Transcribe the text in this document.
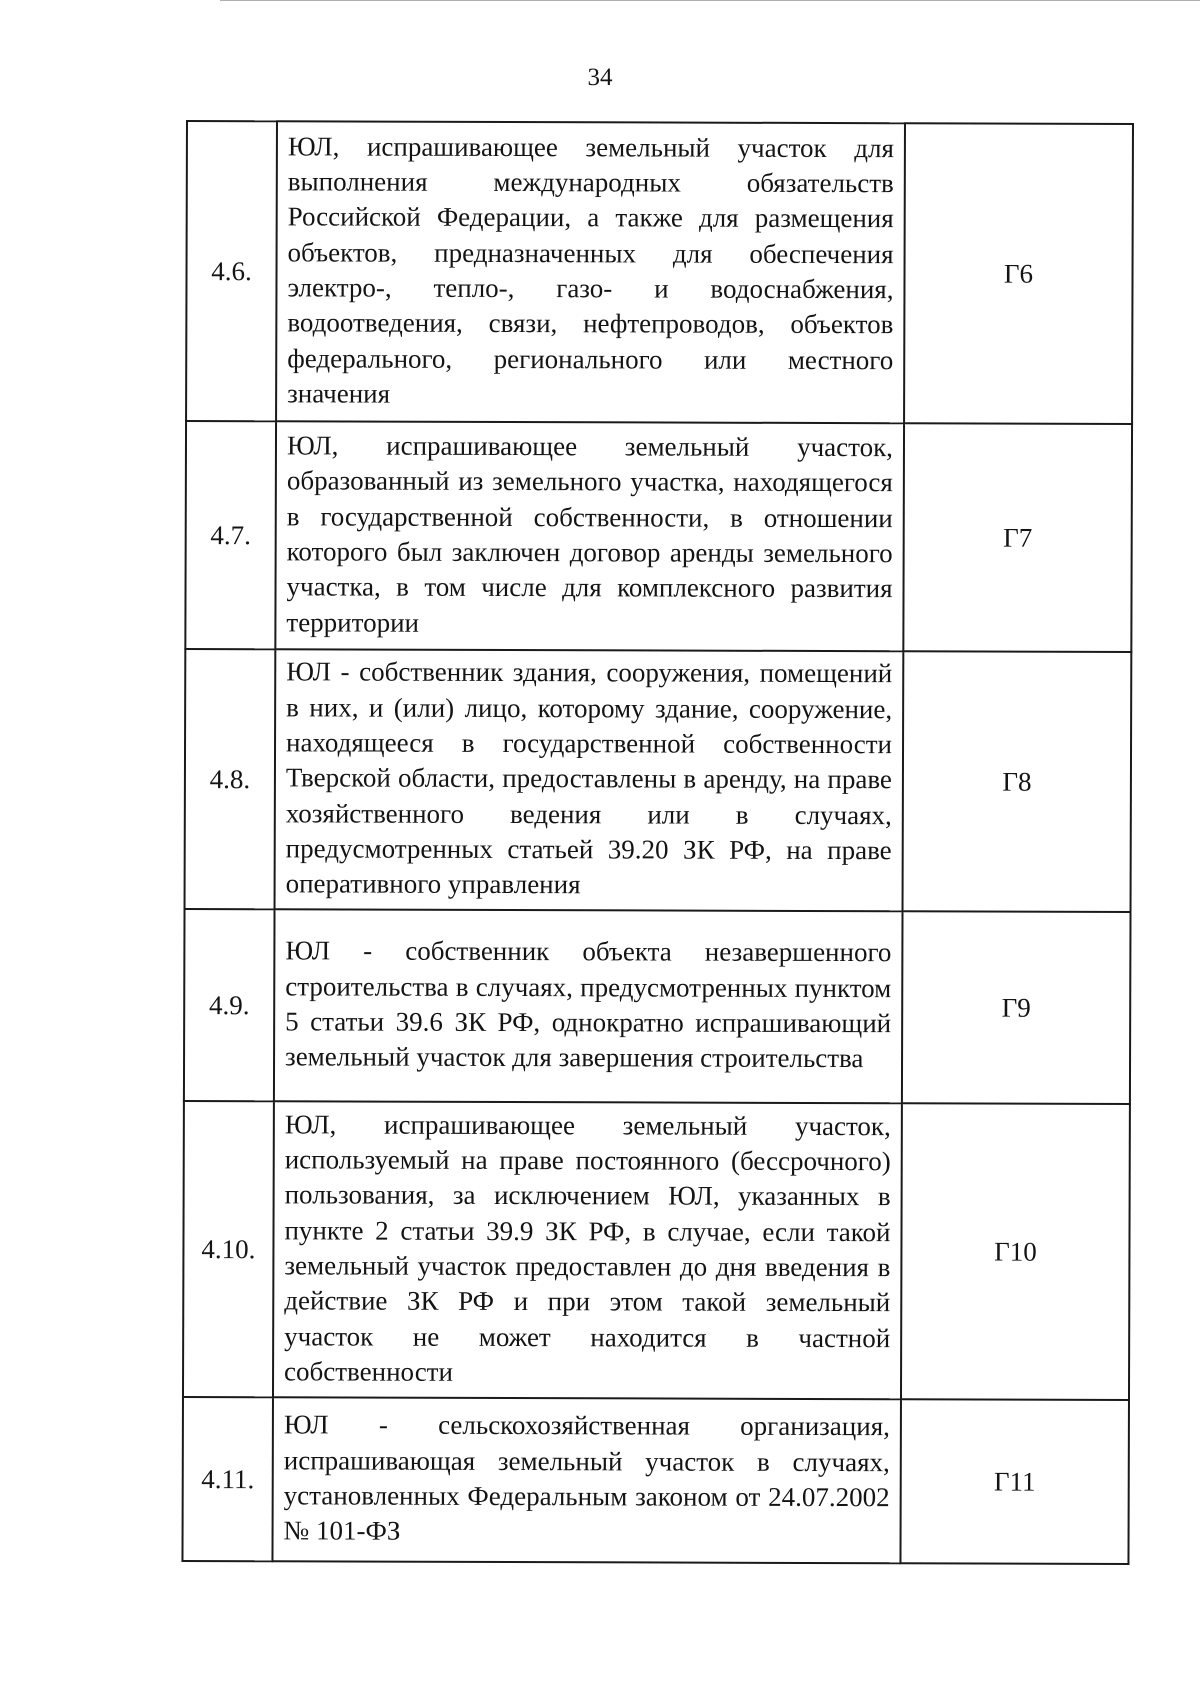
34
4.6.	ЮЛ, испрашивающее земельный участок для выполнения международных обязательств Российской Федерации, а также для размещения объектов, предназначенных для обеспечения электро-, тепло-, газо- и водоснабжения, водоотведения, связи, нефтепроводов, объектов федерального, регионального или местного значения	Г6
4.7.	ЮЛ, испрашивающее земельный участок, образованный из земельного участка, находящегося в государственной собственности, в отношении которого был заключен договор аренды земельного участка, в том числе для комплексного развития территории	Г7
4.8.	ЮЛ - собственник здания, сооружения, помещений в них, и (или) лицо, которому здание, сооружение, находящееся в государственной собственности Тверской области, предоставлены в аренду, на праве хозяйственного ведения или в случаях, предусмотренных статьей 39.20 ЗК РФ, на праве оперативного управления	Г8
4.9.	ЮЛ - собственник объекта незавершенного строительства в случаях, предусмотренных пунктом 5 статьи 39.6 ЗК РФ, однократно испрашивающий земельный участок для завершения строительства	Г9
4.10.	ЮЛ, испрашивающее земельный участок, используемый на праве постоянного (бессрочного) пользования, за исключением ЮЛ, указанных в пункте 2 статьи 39.9 ЗК РФ, в случае, если такой земельный участок предоставлен до дня введения в действие ЗК РФ и при этом такой земельный участок не может находится в частной собственности	Г10
4.11.	ЮЛ - сельскохозяйственная организация, испрашивающая земельный участок в случаях, установленных Федеральным законом от 24.07.2002 № 101-ФЗ	Г11
